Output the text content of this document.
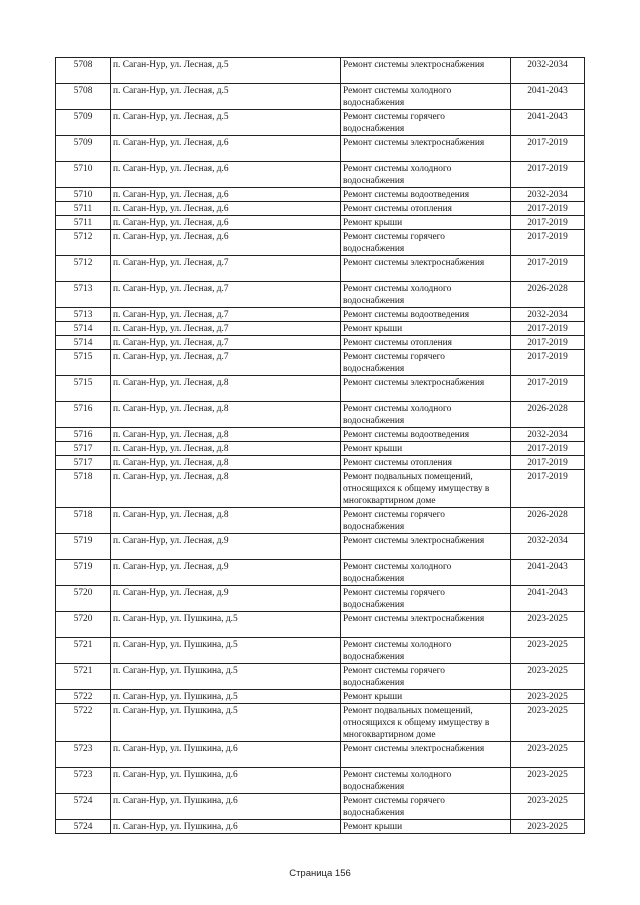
5708	п. Саган-Нур, ул. Лесная, д.5	Ремонт системы электроснабжения	2032-2034
5708	п. Саган-Нур, ул. Лесная, д.5	Ремонт системы холодного водоснабжения	2041-2043
5709	п. Саган-Нур, ул. Лесная, д.5	Ремонт системы горячего водоснабжения	2041-2043
5709	п. Саган-Нур, ул. Лесная, д.6	Ремонт системы электроснабжения	2017-2019
5710	п. Саган-Нур, ул. Лесная, д.6	Ремонт системы холодного водоснабжения	2017-2019
5710	п. Саган-Нур, ул. Лесная, д.6	Ремонт системы водоотведения	2032-2034
5711	п. Саган-Нур, ул. Лесная, д.6	Ремонт системы отопления	2017-2019
5711	п. Саган-Нур, ул. Лесная, д.6	Ремонт крыши	2017-2019
5712	п. Саган-Нур, ул. Лесная, д.6	Ремонт системы горячего водоснабжения	2017-2019
5712	п. Саган-Нур, ул. Лесная, д.7	Ремонт системы электроснабжения	2017-2019
5713	п. Саган-Нур, ул. Лесная, д.7	Ремонт системы холодного водоснабжения	2026-2028
5713	п. Саган-Нур, ул. Лесная, д.7	Ремонт системы водоотведения	2032-2034
5714	п. Саган-Нур, ул. Лесная, д.7	Ремонт крыши	2017-2019
5714	п. Саган-Нур, ул. Лесная, д.7	Ремонт системы отопления	2017-2019
5715	п. Саган-Нур, ул. Лесная, д.7	Ремонт системы горячего водоснабжения	2017-2019
5715	п. Саган-Нур, ул. Лесная, д.8	Ремонт системы электроснабжения	2017-2019
5716	п. Саган-Нур, ул. Лесная, д.8	Ремонт системы холодного водоснабжения	2026-2028
5716	п. Саган-Нур, ул. Лесная, д.8	Ремонт системы водоотведения	2032-2034
5717	п. Саган-Нур, ул. Лесная, д.8	Ремонт крыши	2017-2019
5717	п. Саган-Нур, ул. Лесная, д.8	Ремонт системы отопления	2017-2019
5718	п. Саган-Нур, ул. Лесная, д.8	Ремонт подвальных помещений, относящихся к общему имуществу в многоквартирном доме	2017-2019
5718	п. Саган-Нур, ул. Лесная, д.8	Ремонт системы горячего водоснабжения	2026-2028
5719	п. Саган-Нур, ул. Лесная, д.9	Ремонт системы электроснабжения	2032-2034
5719	п. Саган-Нур, ул. Лесная, д.9	Ремонт системы холодного водоснабжения	2041-2043
5720	п. Саган-Нур, ул. Лесная, д.9	Ремонт системы горячего водоснабжения	2041-2043
5720	п. Саган-Нур, ул. Пушкина, д.5	Ремонт системы электроснабжения	2023-2025
5721	п. Саган-Нур, ул. Пушкина, д.5	Ремонт системы холодного водоснабжения	2023-2025
5721	п. Саган-Нур, ул. Пушкина, д.5	Ремонт системы горячего водоснабжения	2023-2025
5722	п. Саган-Нур, ул. Пушкина, д.5	Ремонт крыши	2023-2025
5722	п. Саган-Нур, ул. Пушкина, д.5	Ремонт подвальных помещений, относящихся к общему имуществу в многоквартирном доме	2023-2025
5723	п. Саган-Нур, ул. Пушкина, д.6	Ремонт системы электроснабжения	2023-2025
5723	п. Саган-Нур, ул. Пушкина, д.6	Ремонт системы холодного водоснабжения	2023-2025
5724	п. Саган-Нур, ул. Пушкина, д.6	Ремонт системы горячего водоснабжения	2023-2025
5724	п. Саган-Нур, ул. Пушкина, д.6	Ремонт крыши	2023-2025
Страница 156
